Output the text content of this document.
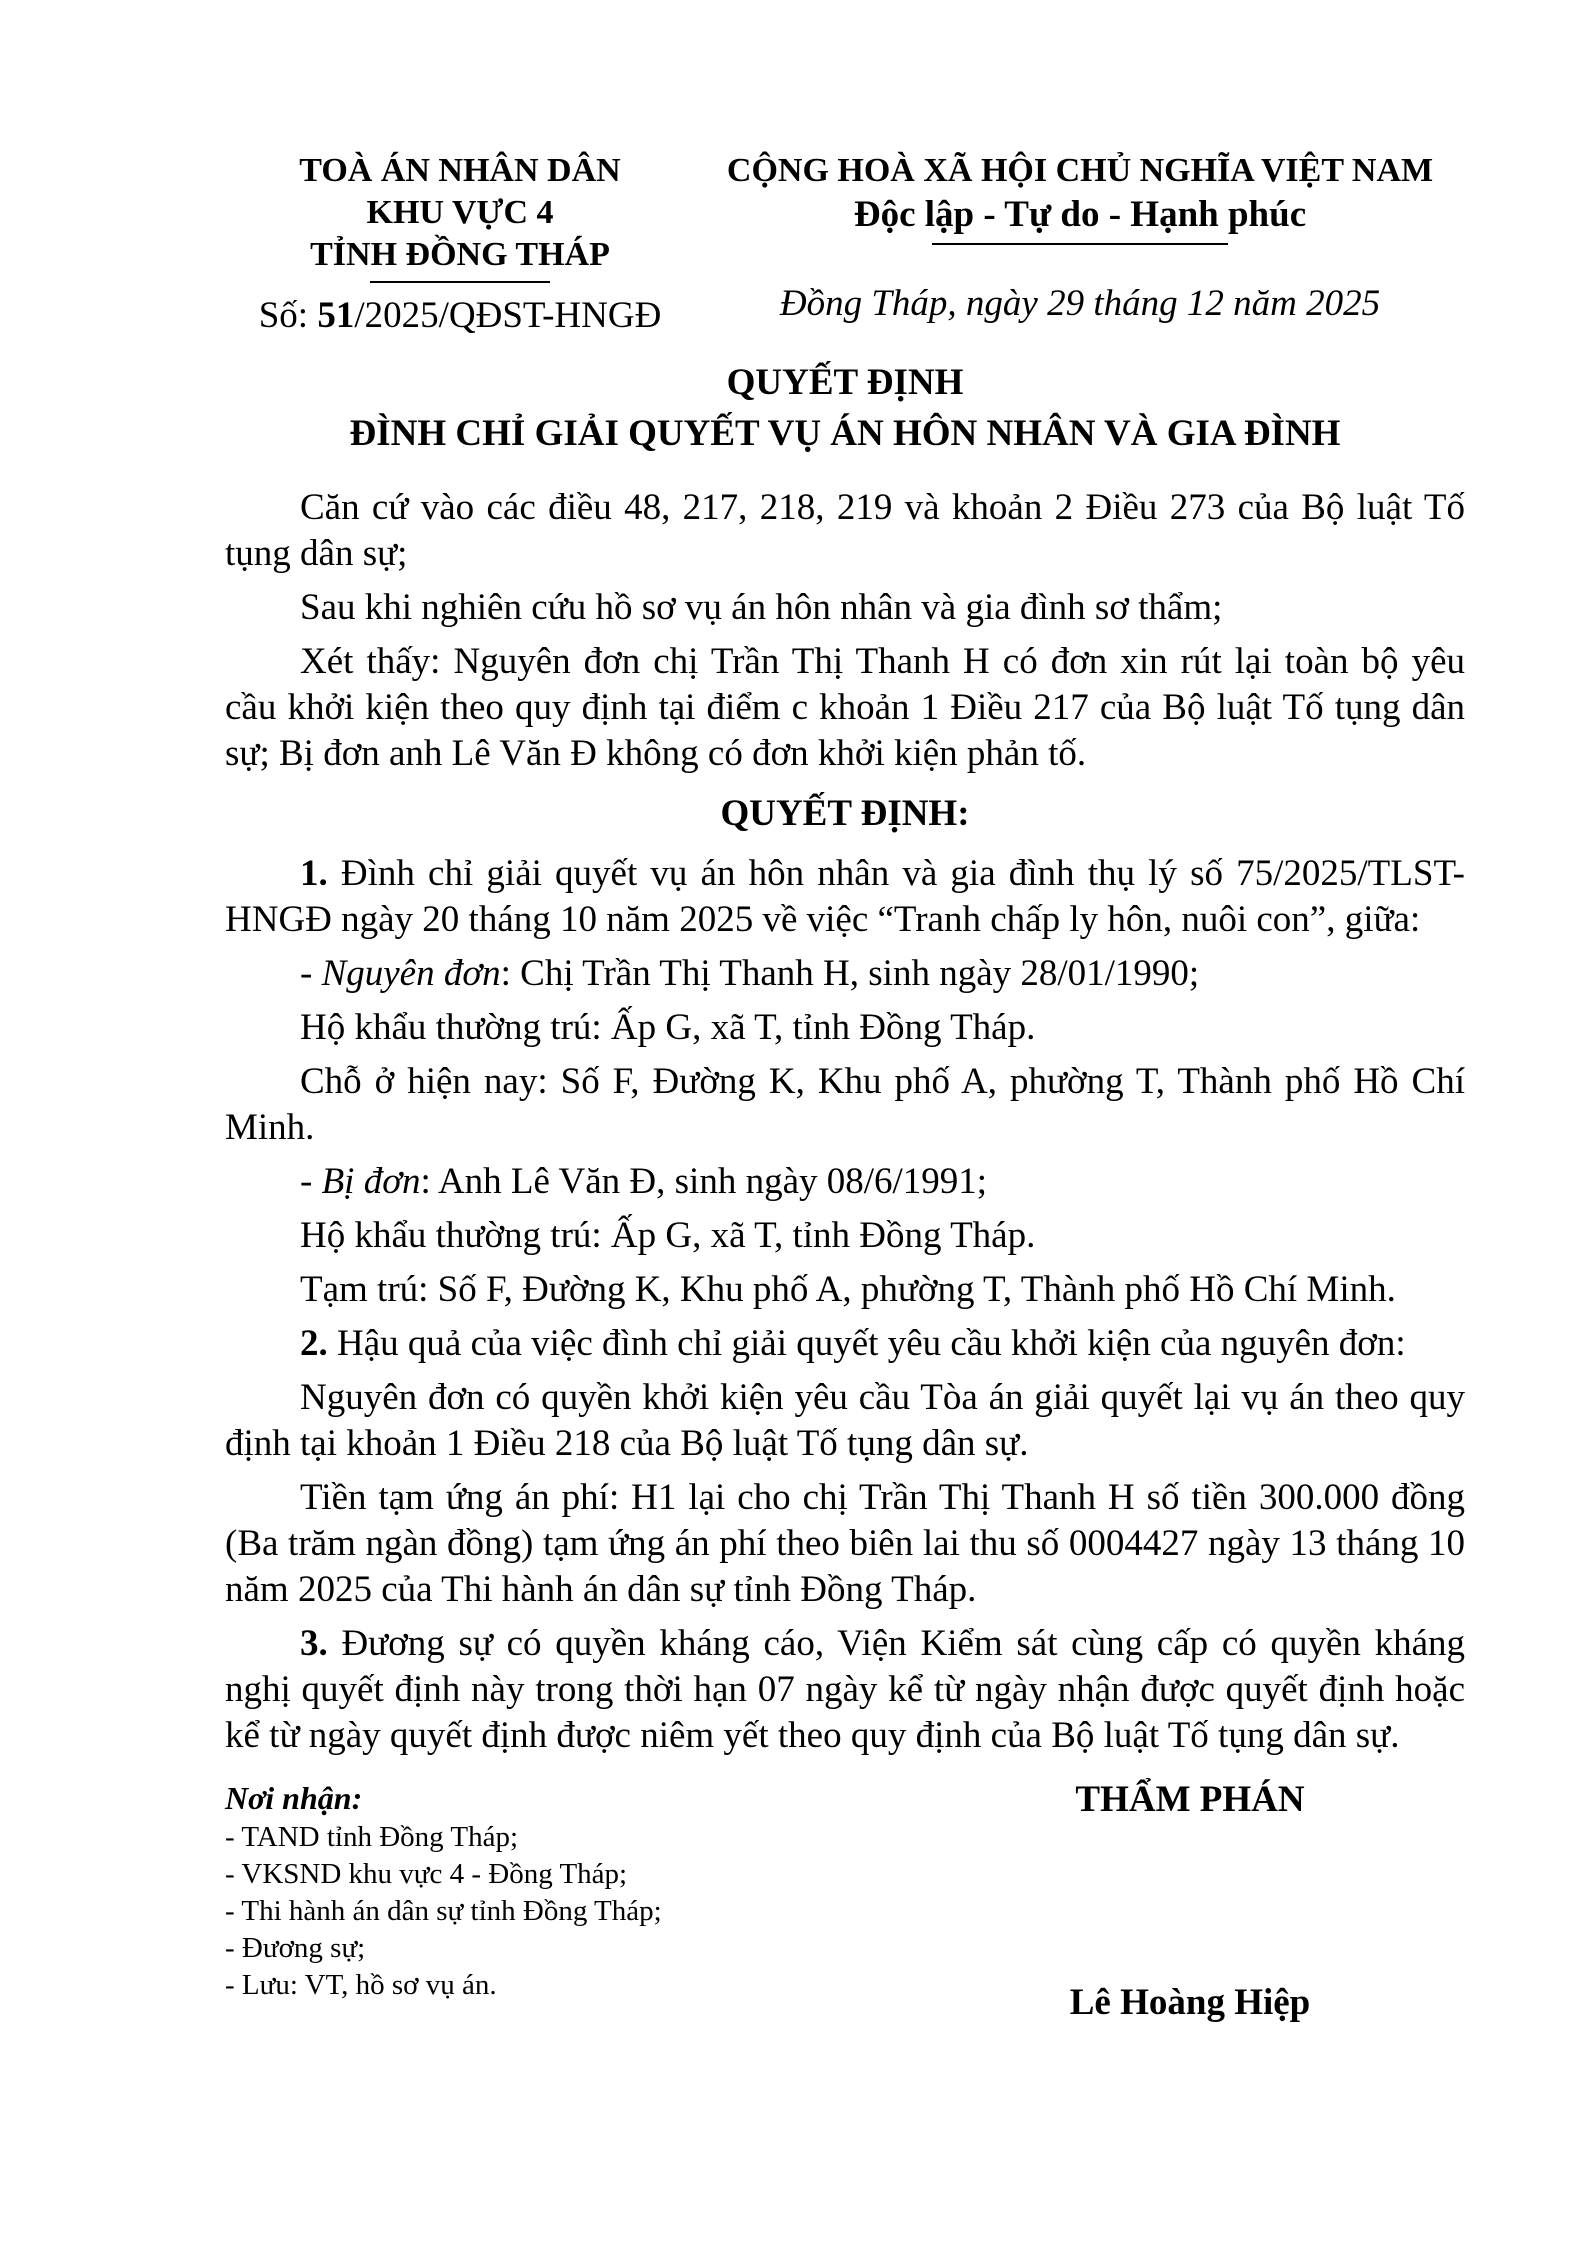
TOÀ ÁN NHÂN DÂN
KHU VỰC 4
TỈNH ĐỒNG THÁP
Số: 51/2025/QĐST-HNGĐ
CỘNG HOÀ XÃ HỘI CHỦ NGHĨA VIỆT NAM
Độc lập - Tự do - Hạnh phúc
Đồng Tháp, ngày 29 tháng 12 năm 2025
QUYẾT ĐỊNH
ĐÌNH CHỈ GIẢI QUYẾT VỤ ÁN HÔN NHÂN VÀ GIA ĐÌNH

Căn cứ vào các điều 48, 217, 218, 219 và khoản 2 Điều 273 của Bộ luật Tố tụng dân sự;

Sau khi nghiên cứu hồ sơ vụ án hôn nhân và gia đình sơ thẩm;

Xét thấy: Nguyên đơn chị Trần Thị Thanh H có đơn xin rút lại toàn bộ yêu cầu khởi kiện theo quy định tại điểm c khoản 1 Điều 217 của Bộ luật Tố tụng dân sự; Bị đơn anh Lê Văn Đ không có đơn khởi kiện phản tố.

QUYẾT ĐỊNH:

1. Đình chỉ giải quyết vụ án hôn nhân và gia đình thụ lý số 75/2025/TLST-HNGĐ ngày 20 tháng 10 năm 2025 về việc “Tranh chấp ly hôn, nuôi con”, giữa:

- Nguyên đơn: Chị Trần Thị Thanh H, sinh ngày 28/01/1990;

Hộ khẩu thường trú: Ấp G, xã T, tỉnh Đồng Tháp.

Chỗ ở hiện nay: Số F, Đường K, Khu phố A, phường T, Thành phố Hồ Chí Minh.

- Bị đơn: Anh Lê Văn Đ, sinh ngày 08/6/1991;

Hộ khẩu thường trú: Ấp G, xã T, tỉnh Đồng Tháp.

Tạm trú: Số F, Đường K, Khu phố A, phường T, Thành phố Hồ Chí Minh.

2. Hậu quả của việc đình chỉ giải quyết yêu cầu khởi kiện của nguyên đơn:

Nguyên đơn có quyền khởi kiện yêu cầu Tòa án giải quyết lại vụ án theo quy định tại khoản 1 Điều 218 của Bộ luật Tố tụng dân sự.

Tiền tạm ứng án phí: H1 lại cho chị Trần Thị Thanh H số tiền 300.000 đồng (Ba trăm ngàn đồng) tạm ứng án phí theo biên lai thu số 0004427 ngày 13 tháng 10 năm 2025 của Thi hành án dân sự tỉnh Đồng Tháp.

3. Đương sự có quyền kháng cáo, Viện Kiểm sát cùng cấp có quyền kháng nghị quyết định này trong thời hạn 07 ngày kể từ ngày nhận được quyết định hoặc kể từ ngày quyết định được niêm yết theo quy định của Bộ luật Tố tụng dân sự.

Nơi nhận:
- TAND tỉnh Đồng Tháp;
- VKSND khu vực 4 - Đồng Tháp;
- Thi hành án dân sự tỉnh Đồng Tháp;
- Đương sự;
- Lưu: VT, hồ sơ vụ án.
THẨM PHÁN
Lê Hoàng Hiệp
